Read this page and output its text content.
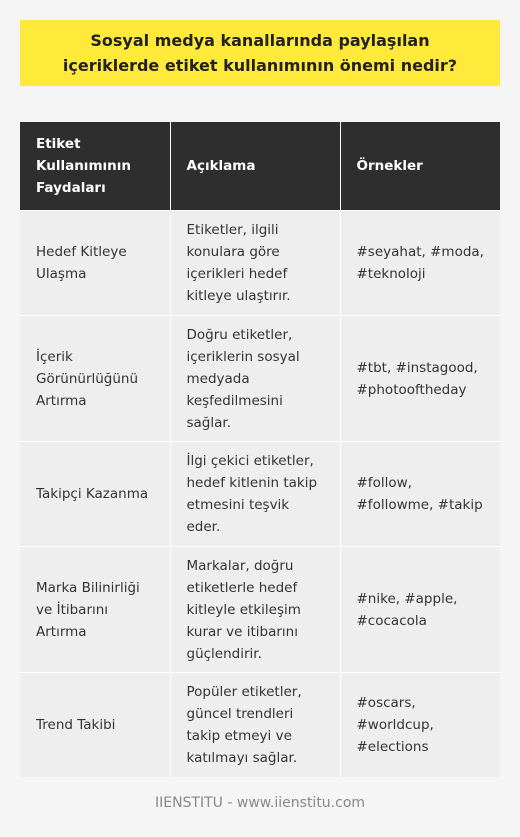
Sosyal medya kanallarında paylaşılan içeriklerde etiket kullanımının önemi nedir?
Etiket Kullanımının Faydaları	Açıklama	Örnekler
Hedef Kitleye Ulaşma	Etiketler, ilgili konulara göre içerikleri hedef kitleye ulaştırır.	#seyahat, #moda, #teknoloji
İçerik Görünürlüğünü Artırma	Doğru etiketler, içeriklerin sosyal medyada keşfedilmesini sağlar.	#tbt, #instagood, #photooftheday
Takipçi Kazanma	İlgi çekici etiketler, hedef kitlenin takip etmesini teşvik eder.	#follow, #followme, #takip
Marka Bilinirliği ve İtibarını Artırma	Markalar, doğru etiketlerle hedef kitleyle etkileşim kurar ve itibarını güçlendirir.	#nike, #apple, #cocacola
Trend Takibi	Popüler etiketler, güncel trendleri takip etmeyi ve katılmayı sağlar.	#oscars, #worldcup, #elections
IIENSTITU - www.iienstitu.com
